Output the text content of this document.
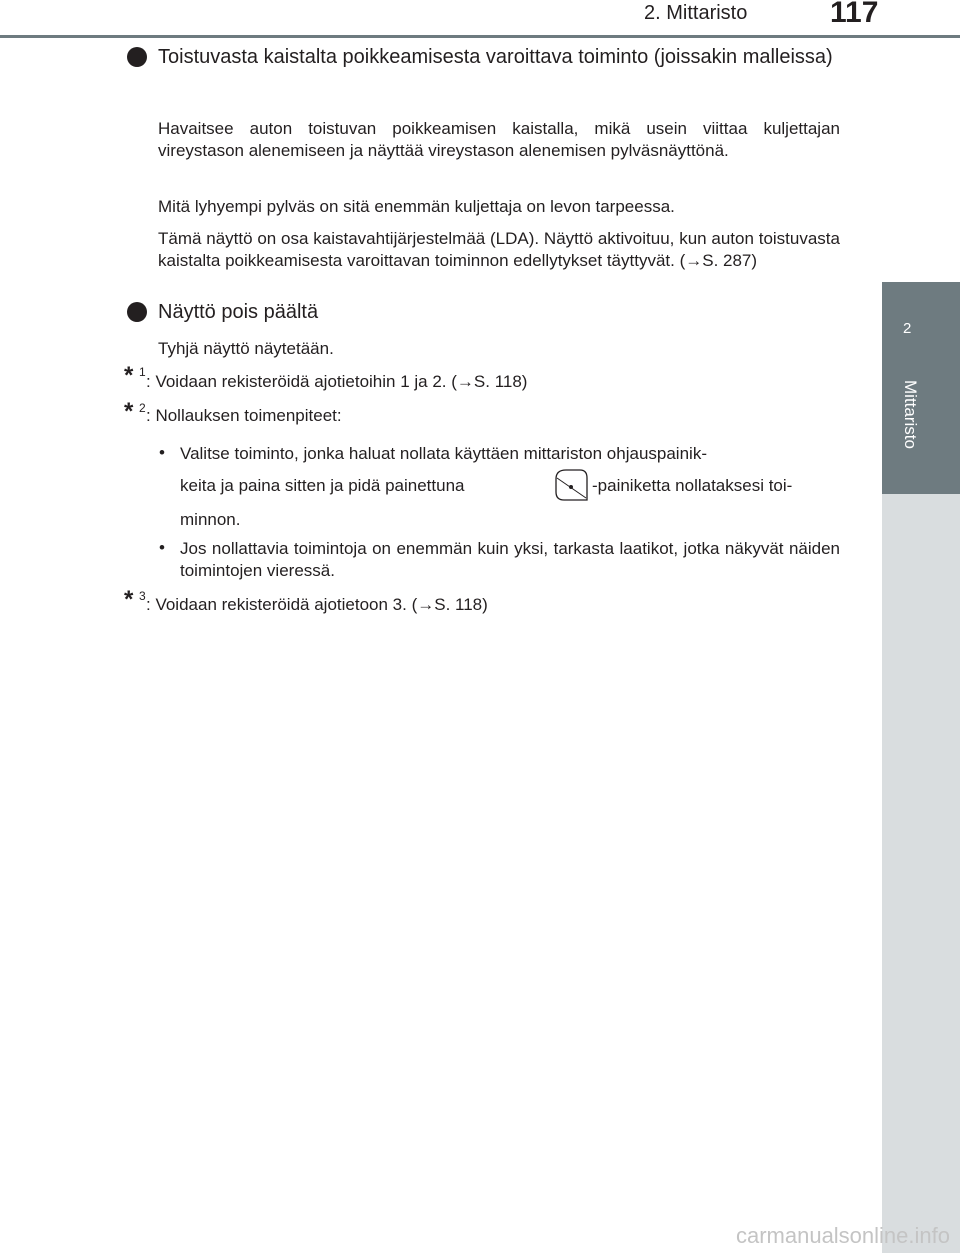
2. Mittaristo	117
2
Mittaristo
Toistuvasta kaistalta poikkeamisesta varoittava toiminto (joissakin malleissa)
Havaitsee auton toistuvan poikkeamisen kaistalla, mikä usein viittaa kuljettajan vireystason alenemiseen ja näyttää vireystason alenemisen pylväsnäyttönä.
Mitä lyhyempi pylväs on sitä enemmän kuljettaja on levon tarpeessa.
Tämä näyttö on osa kaistavahtijärjestelmää (LDA). Näyttö aktivoituu, kun auton toistuvasta kaistalta poikkeamisesta varoittavan toiminnon edellytykset täyttyvät. (→S. 287)
Näyttö pois päältä
Tyhjä näyttö näytetään.
* 1 : Voidaan rekisteröidä ajotietoihin 1 ja 2. (→S. 118)
* 2 : Nollauksen toimenpiteet:
• Valitse toiminto, jonka haluat nollata käyttäen mittariston ohjauspainik-
keita ja paina sitten ja pidä painettuna	-painiketta nollataksesi toi-
minnon.
• Jos nollattavia toimintoja on enemmän kuin yksi, tarkasta laatikot, jotka näkyvät näiden toimintojen vieressä.
* 3 : Voidaan rekisteröidä ajotietoon 3. (→S. 118)
carmanualsonline.info
